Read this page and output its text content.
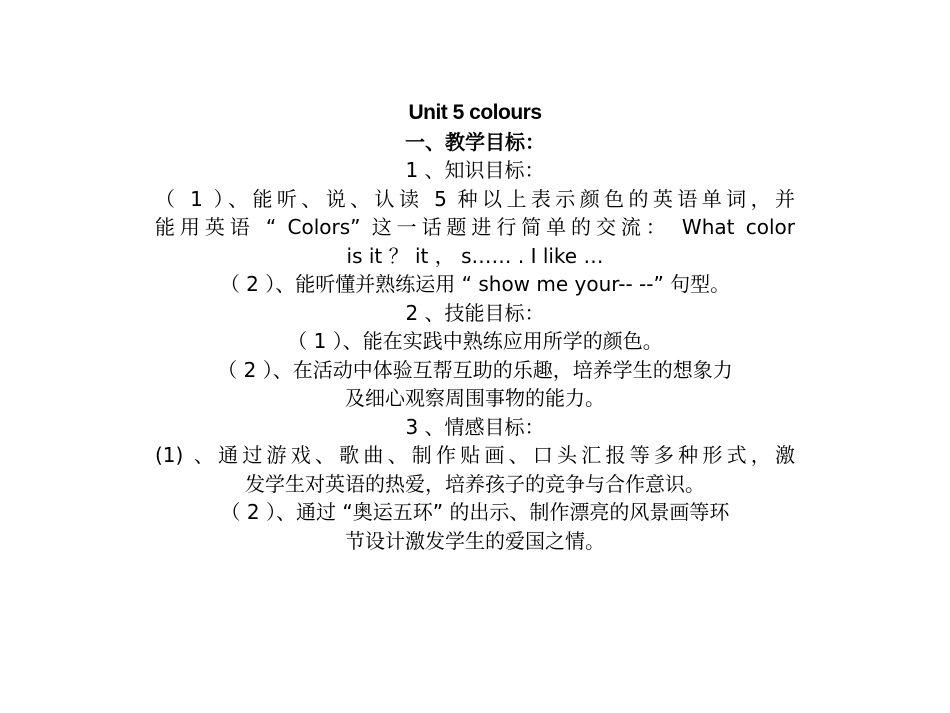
Unit 5 colours
一、教学目标：
1 、知识目标：
（ 1 ）、能听、说、认读 5 种以上表示颜色的英语单词，并
能用英语 “ Colors” 这一话题进行简单的交流： What color
is it ？ it ， s…… . I like …
（ 2 ）、能听懂并熟练运用 “ show me your-- --” 句型。
2 、技能目标：
（ 1 ）、能在实践中熟练应用所学的颜色。
（ 2 ）、在活动中体验互帮互助的乐趣，培养学生的想象力
及细心观察周围事物的能力。
3 、情感目标：
(1) 、通过游戏、歌曲、制作贴画、口头汇报等多种形式，激
发学生对英语的热爱，培养孩子的竞争与合作意识。
（ 2 ）、通过 “奥运五环” 的出示、制作漂亮的风景画等环
节设计激发学生的爱国之情。
